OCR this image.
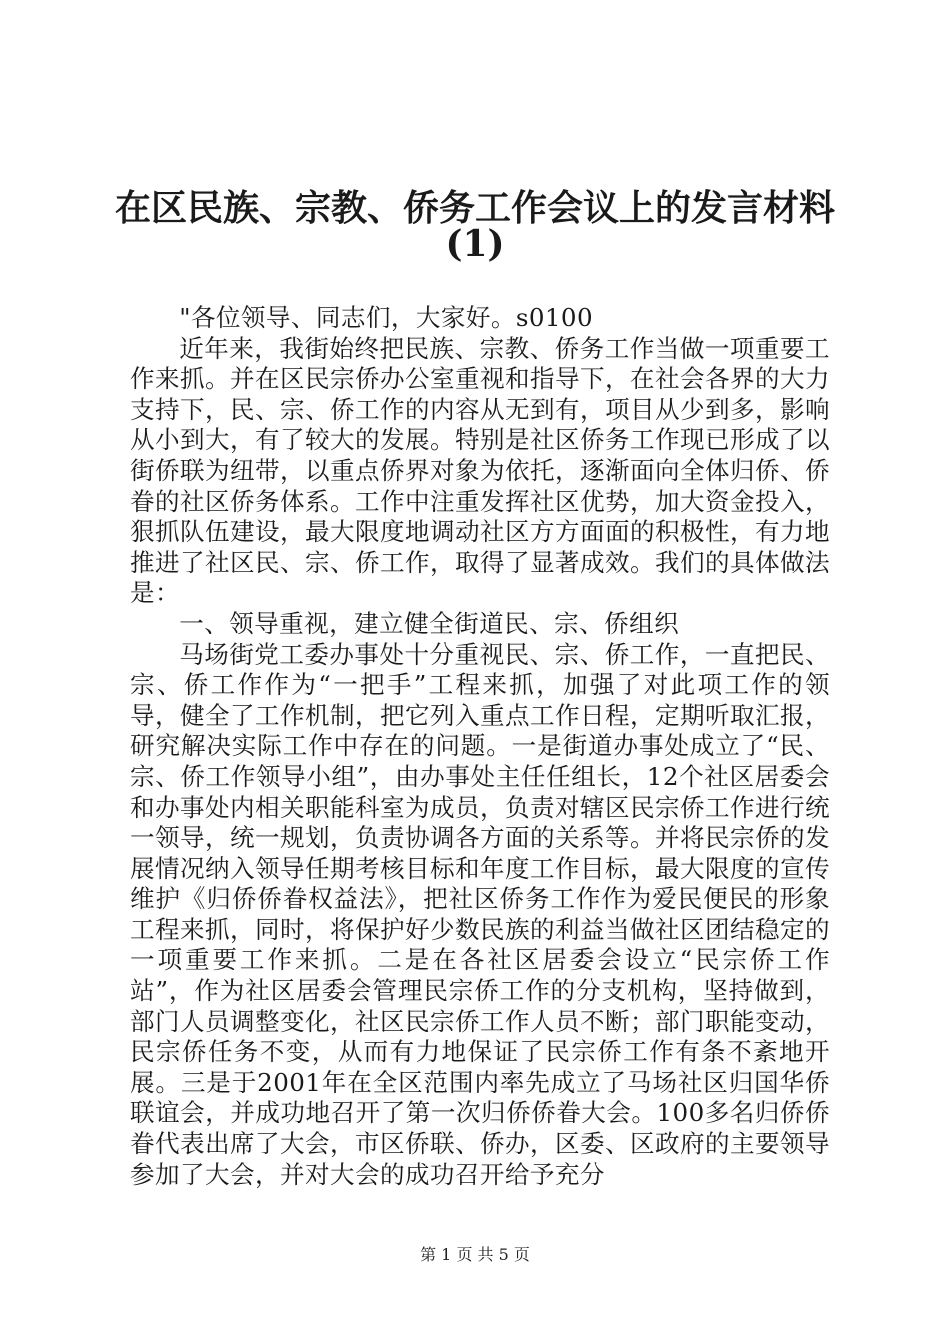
在区民族、宗教、侨务工作会议上的发言材料
(1)

"各位领导、同志们，大家好。s0100

近年来，我街始终把民族、宗教、侨务工作当做一项重要工作来抓。并在区民宗侨办公室重视和指导下，在社会各界的大力支持下，民、宗、侨工作的内容从无到有，项目从少到多，影响从小到大，有了较大的发展。特别是社区侨务工作现已形成了以街侨联为纽带，以重点侨界对象为依托，逐渐面向全体归侨、侨眷的社区侨务体系。工作中注重发挥社区优势，加大资金投入，狠抓队伍建设，最大限度地调动社区方方面面的积极性，有力地推进了社区民、宗、侨工作，取得了显著成效。我们的具体做法是：

一、领导重视，建立健全街道民、宗、侨组织

马场街党工委办事处十分重视民、宗、侨工作，一直把民、宗、侨工作作为“一把手”工程来抓，加强了对此项工作的领导，健全了工作机制，把它列入重点工作日程，定期听取汇报，研究解决实际工作中存在的问题。一是街道办事处成立了“民、宗、侨工作领导小组”，由办事处主任任组长，12个社区居委会和办事处内相关职能科室为成员，负责对辖区民宗侨工作进行统一领导，统一规划，负责协调各方面的关系等。并将民宗侨的发展情况纳入领导任期考核目标和年度工作目标，最大限度的宣传维护《归侨侨眷权益法》，把社区侨务工作作为爱民便民的形象工程来抓，同时，将保护好少数民族的利益当做社区团结稳定的一项重要工作来抓。二是在各社区居委会设立“民宗侨工作站”，作为社区居委会管理民宗侨工作的分支机构，坚持做到，部门人员调整变化，社区民宗侨工作人员不断；部门职能变动，民宗侨任务不变，从而有力地保证了民宗侨工作有条不紊地开展。三是于2001年在全区范围内率先成立了马场社区归国华侨联谊会，并成功地召开了第一次归侨侨眷大会。100多名归侨侨眷代表出席了大会，市区侨联、侨办，区委、区政府的主要领导参加了大会，并对大会的成功召开给予充分

第 1 页 共 5 页
